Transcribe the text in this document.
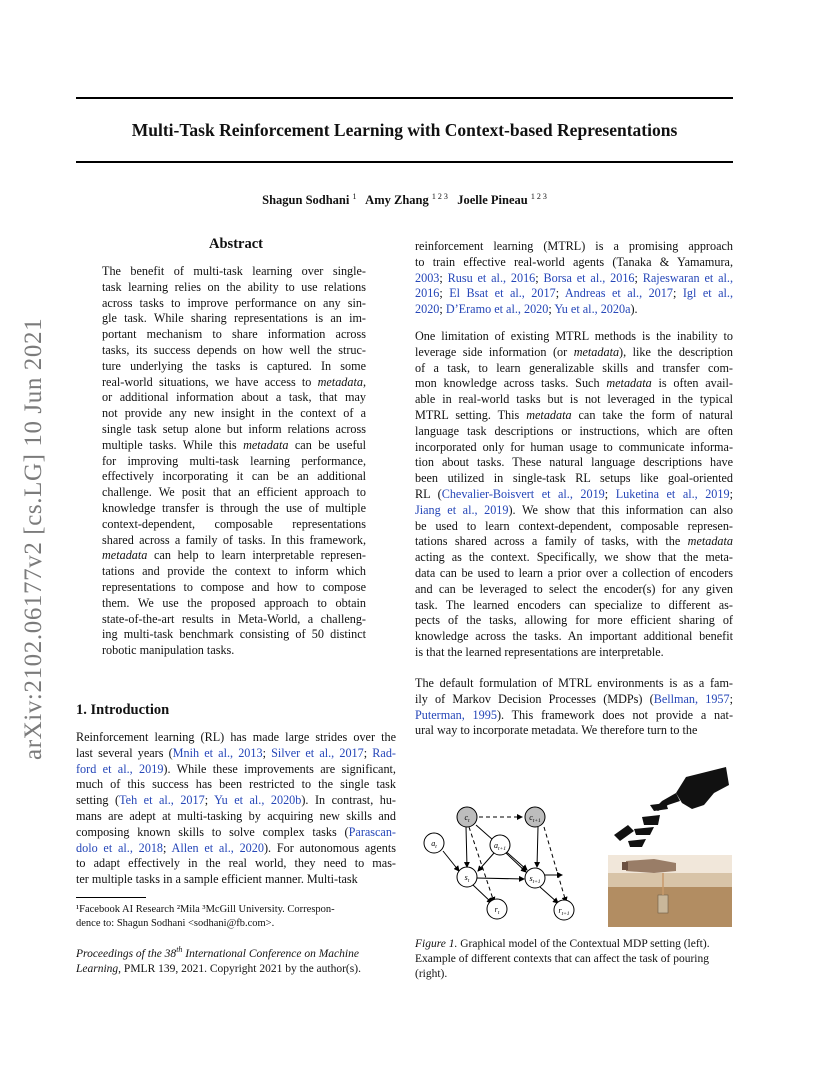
Multi-Task Reinforcement Learning with Context-based Representations
Shagun Sodhani $^1$ Amy Zhang $^{1 2 3}$ Joelle Pineau $^{1 2 3}$
arXiv:2102.06177v2 [cs.LG] 10 Jun 2021
Abstract
The benefit of multi-task learning over single-
task learning relies on the ability to use relations
across tasks to improve performance on any sin-
gle task. While sharing representations is an im-
portant mechanism to share information across
tasks, its success depends on how well the struc-
ture underlying the tasks is captured. In some
real-world situations, we have access to metadata,
or additional information about a task, that may
not provide any new insight in the context of a
single task setup alone but inform relations across
multiple tasks. While this metadata can be useful
for improving multi-task learning performance,
effectively incorporating it can be an additional
challenge. We posit that an efficient approach to
knowledge transfer is through the use of multiple
context-dependent, composable representations
shared across a family of tasks. In this framework,
metadata can help to learn interpretable represen-
tations and provide the context to inform which
representations to compose and how to compose
them. We use the proposed approach to obtain
state-of-the-art results in Meta-World, a challeng-
ing multi-task benchmark consisting of 50 distinct
robotic manipulation tasks.
1. Introduction
Reinforcement learning (RL) has made large strides over the
last several years (Mnih et al., 2013; Silver et al., 2017; Rad-
ford et al., 2019). While these improvements are significant,
much of this success has been restricted to the single task
setting (Teh et al., 2017; Yu et al., 2020b). In contrast, hu-
mans are adept at multi-tasking by acquiring new skills and
composing known skills to solve complex tasks (Parascan-
dolo et al., 2018; Allen et al., 2020). For autonomous agents
to adapt effectively in the real world, they need to mas-
ter multiple tasks in a sample efficient manner. Multi-task
¹Facebook AI Research ²Mila ³McGill University. Correspon-
dence to: Shagun Sodhani <sodhani@fb.com>.
Proceedings of the 38th International Conference on Machine
Learning, PMLR 139, 2021. Copyright 2021 by the author(s).
reinforcement learning (MTRL) is a promising approach
to train effective real-world agents (Tanaka & Yamamura,
2003; Rusu et al., 2016; Borsa et al., 2016; Rajeswaran et al.,
2016; El Bsat et al., 2017; Andreas et al., 2017; Igl et al.,
2020; D’Eramo et al., 2020; Yu et al., 2020a).
One limitation of existing MTRL methods is the inability to
leverage side information (or metadata), like the description
of a task, to learn generalizable skills and transfer com-
mon knowledge across tasks. Such metadata is often avail-
able in real-world tasks but is not leveraged in the typical
MTRL setting. This metadata can take the form of natural
language task descriptions or instructions, which are often
incorporated only for human usage to communicate informa-
tion about tasks. These natural language descriptions have
been utilized in single-task RL setups like goal-oriented
RL (Chevalier-Boisvert et al., 2019; Luketina et al., 2019;
Jiang et al., 2019). We show that this information can also
be used to learn context-dependent, composable represen-
tations shared across a family of tasks, with the metadata
acting as the context. Specifically, we show that the meta-
data can be used to learn a prior over a collection of encoders
and can be leveraged to select the encoder(s) for any given
task. The learned encoders can specialize to different as-
pects of the tasks, allowing for more efficient sharing of
knowledge across the tasks. An important additional benefit
is that the learned representations are interpretable.
The default formulation of MTRL environments is as a fam-
ily of Markov Decision Processes (MDPs) (Bellman, 1957;
Puterman, 1995). This framework does not provide a nat-
ural way to incorporate metadata. We therefore turn to the
$c_t$	$c_{t+1}$
$a_t$	$a_{t+1}$
$s_t$	$s_{t+1}$
$r_t$	$r_{t+1}$
Figure 1. Graphical model of the Contextual MDP setting (left).
Example of different contexts that can affect the task of pouring
(right).
